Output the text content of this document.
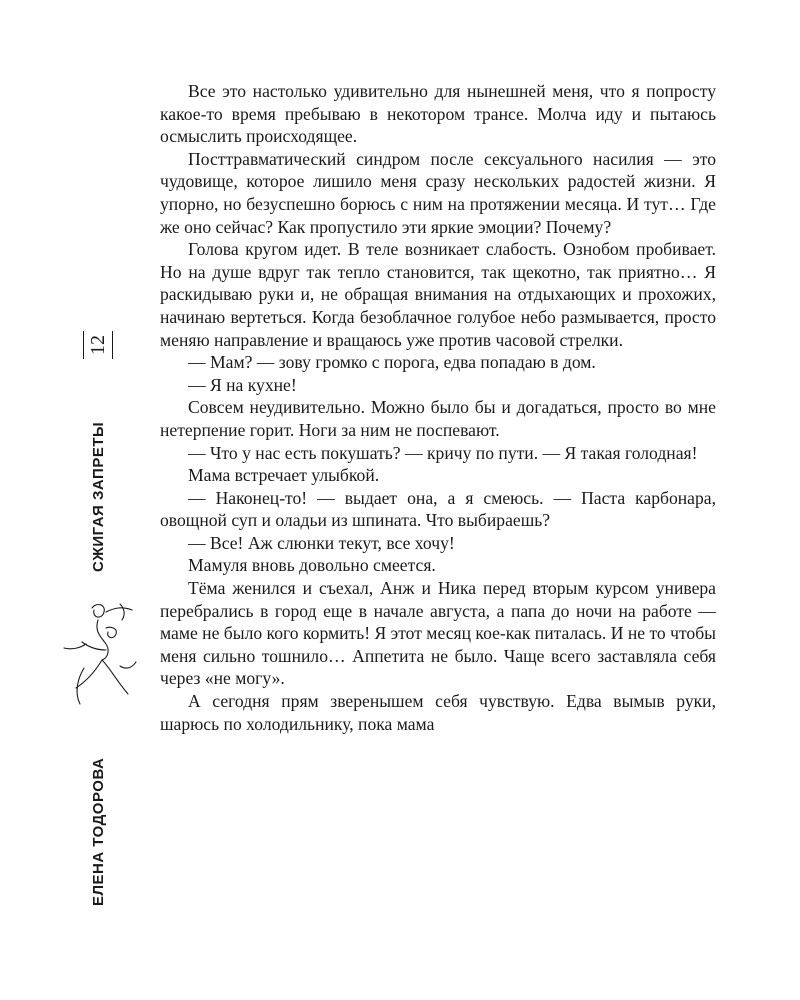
12
СЖИГАЯ ЗАПРЕТЫ
ЕЛЕНА ТОДОРОВА

Все это настолько удивительно для нынешней меня, что я попросту какое-то время пребываю в некотором трансе. Молча иду и пытаюсь осмыслить происходящее.

Посттравматический синдром после сексуального насилия — это чудовище, которое лишило меня сразу нескольких радостей жизни. Я упорно, но безуспешно борюсь с ним на протяжении месяца. И тут… Где же оно сейчас? Как пропустило эти яркие эмоции? Почему?

Голова кругом идет. В теле возникает слабость. Ознобом пробивает. Но на душе вдруг так тепло становится, так щекотно, так приятно… Я раскидываю руки и, не обращая внимания на отдыхающих и прохожих, начинаю вертеться. Когда безоблачное голубое небо размывается, просто меняю направление и вращаюсь уже против часовой стрелки.

— Мам? — зову громко с порога, едва попадаю в дом.

— Я на кухне!

Совсем неудивительно. Можно было бы и догадаться, просто во мне нетерпение горит. Ноги за ним не поспевают.

— Что у нас есть покушать? — кричу по пути. — Я такая голодная!

Мама встречает улыбкой.

— Наконец-то! — выдает она, а я смеюсь. — Паста карбонара, овощной суп и оладьи из шпината. Что выбираешь?

— Все! Аж слюнки текут, все хочу!

Мамуля вновь довольно смеется.

Тёма женился и съехал, Анж и Ника перед вторым курсом универа перебрались в город еще в начале августа, а папа до ночи на работе — маме не было кого кормить! Я этот месяц кое-как питалась. И не то чтобы меня сильно тошнило… Аппетита не было. Чаще всего заставляла себя через «не могу».

А сегодня прям зверенышем себя чувствую. Едва вымыв руки, шарюсь по холодильнику, пока мама
